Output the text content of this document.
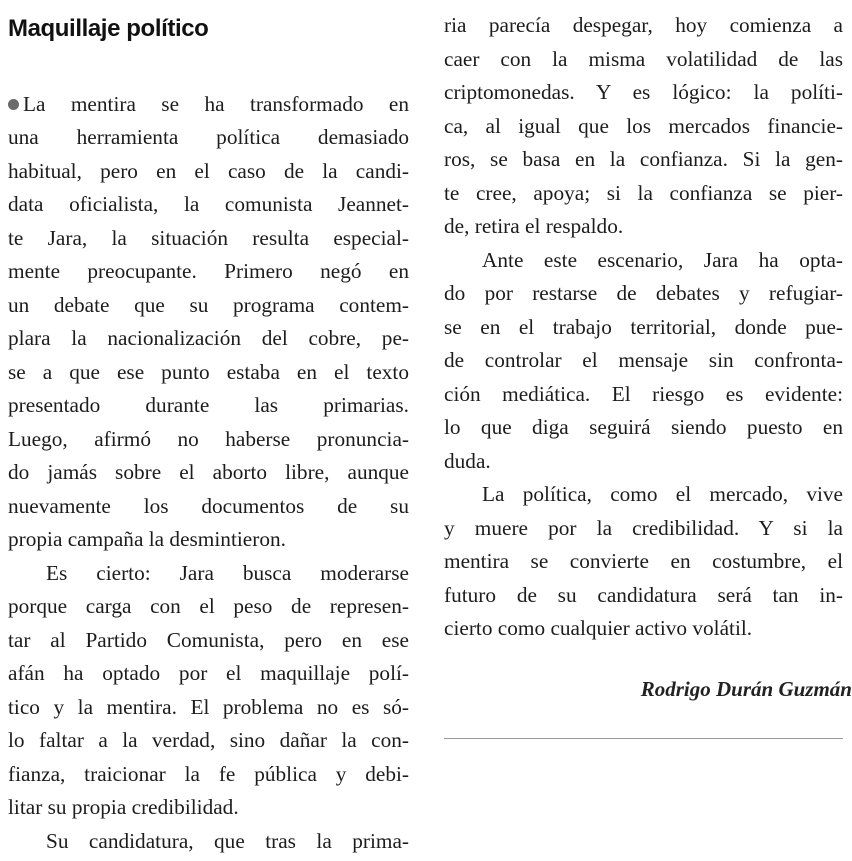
Maquillaje político
La mentira se ha transformado en
una herramienta política demasiado
habitual, pero en el caso de la candi-
data oficialista, la comunista Jeannet-
te Jara, la situación resulta especial-
mente preocupante. Primero negó en
un debate que su programa contem-
plara la nacionalización del cobre, pe-
se a que ese punto estaba en el texto
presentado durante las primarias.
Luego, afirmó no haberse pronuncia-
do jamás sobre el aborto libre, aunque
nuevamente los documentos de su
propia campaña la desmintieron.
Es cierto: Jara busca moderarse
porque carga con el peso de represen-
tar al Partido Comunista, pero en ese
afán ha optado por el maquillaje polí-
tico y la mentira. El problema no es só-
lo faltar a la verdad, sino dañar la con-
fianza, traicionar la fe pública y debi-
litar su propia credibilidad.
Su candidatura, que tras la prima-
ria parecía despegar, hoy comienza a
caer con la misma volatilidad de las
criptomonedas. Y es lógico: la políti-
ca, al igual que los mercados financie-
ros, se basa en la confianza. Si la gen-
te cree, apoya; si la confianza se pier-
de, retira el respaldo.
Ante este escenario, Jara ha opta-
do por restarse de debates y refugiar-
se en el trabajo territorial, donde pue-
de controlar el mensaje sin confronta-
ción mediática. El riesgo es evidente:
lo que diga seguirá siendo puesto en
duda.
La política, como el mercado, vive
y muere por la credibilidad. Y si la
mentira se convierte en costumbre, el
futuro de su candidatura será tan in-
cierto como cualquier activo volátil.
Rodrigo Durán Guzmán
